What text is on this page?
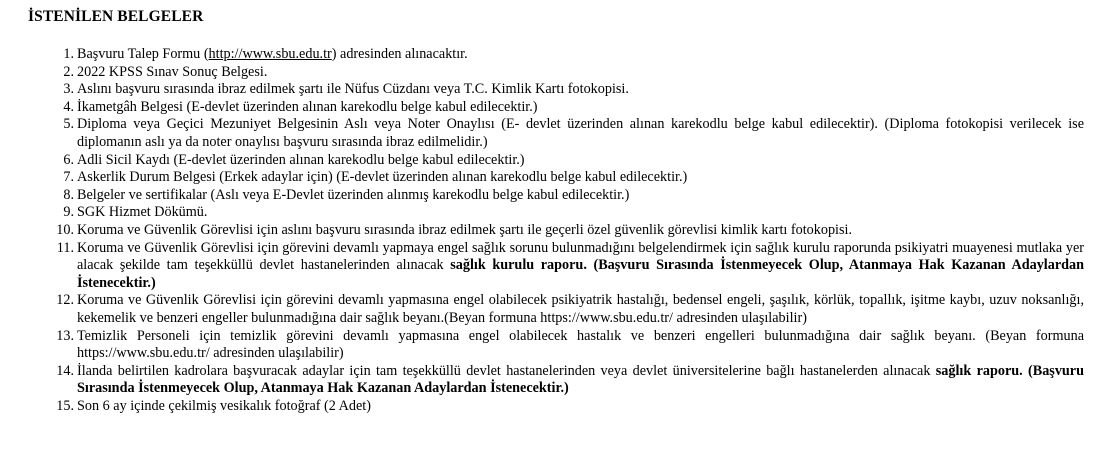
İSTENİLEN BELGELER
1. Başvuru Talep Formu (http://www.sbu.edu.tr) adresinden alınacaktır.
2. 2022 KPSS Sınav Sonuç Belgesi.
3. Aslını başvuru sırasında ibraz edilmek şartı ile Nüfus Cüzdanı veya T.C. Kimlik Kartı fotokopisi.
4. İkametgâh Belgesi (E-devlet üzerinden alınan karekodlu belge kabul edilecektir.)
5. Diploma veya Geçici Mezuniyet Belgesinin Aslı veya Noter Onaylısı (E- devlet üzerinden alınan karekodlu belge kabul edilecektir). (Diploma fotokopisi verilecek ise diplomanın aslı ya da noter onaylısı başvuru sırasında ibraz edilmelidir.)
6. Adli Sicil Kaydı (E-devlet üzerinden alınan karekodlu belge kabul edilecektir.)
7. Askerlik Durum Belgesi (Erkek adaylar için) (E-devlet üzerinden alınan karekodlu belge kabul edilecektir.)
8. Belgeler ve sertifikalar (Aslı veya E-Devlet üzerinden alınmış karekodlu belge kabul edilecektir.)
9. SGK Hizmet Dökümü.
10. Koruma ve Güvenlik Görevlisi için aslını başvuru sırasında ibraz edilmek şartı ile geçerli özel güvenlik görevlisi kimlik kartı fotokopisi.
11. Koruma ve Güvenlik Görevlisi için görevini devamlı yapmaya engel sağlık sorunu bulunmadığını belgelendirmek için sağlık kurulu raporunda psikiyatri muayenesi mutlaka yer alacak şekilde tam teşekküllü devlet hastanelerinden alınacak sağlık kurulu raporu. (Başvuru Sırasında İstenmeyecek Olup, Atanmaya Hak Kazanan Adaylardan İstenecektir.)
12. Koruma ve Güvenlik Görevlisi için görevini devamlı yapmasına engel olabilecek psikiyatrik hastalığı, bedensel engeli, şaşılık, körlük, topallık, işitme kaybı, uzuv noksanlığı, kekemelik ve benzeri engeller bulunmadığına dair sağlık beyanı.(Beyan formuna https://www.sbu.edu.tr/ adresinden ulaşılabilir)
13. Temizlik Personeli için temizlik görevini devamlı yapmasına engel olabilecek hastalık ve benzeri engelleri bulunmadığına dair sağlık beyanı. (Beyan formuna https://www.sbu.edu.tr/ adresinden ulaşılabilir)
14. İlanda belirtilen kadrolara başvuracak adaylar için tam teşekküllü devlet hastanelerinden veya devlet üniversitelerine bağlı hastanelerden alınacak sağlık raporu. (Başvuru Sırasında İstenmeyecek Olup, Atanmaya Hak Kazanan Adaylardan İstenecektir.)
15. Son 6 ay içinde çekilmiş vesikalık fotoğraf (2 Adet)
